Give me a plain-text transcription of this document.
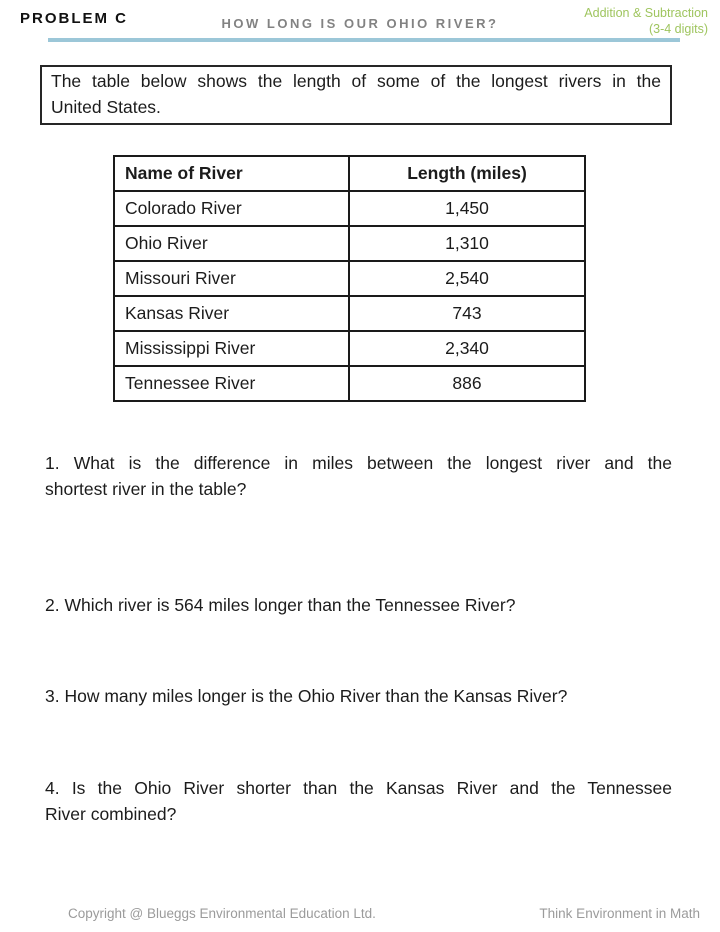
PROBLEM C	HOW LONG IS OUR OHIO RIVER?
Addition & Subtraction
(3-4 digits)
The table below shows the length of some of the longest rivers in the
United States.
Name of River	Length (miles)
Colorado River	1,450
Ohio River	1,310
Missouri River	2,540
Kansas River	743
Mississippi River	2,340
Tennessee River	886

1. What is the difference in miles between the longest river and the
shortest river in the table?

2. Which river is 564 miles longer than the Tennessee River?

3. How many miles longer is the Ohio River than the Kansas River?

4. Is the Ohio River shorter than the Kansas River and the Tennessee
River combined?

Copyright @ Blueggs Environmental Education Ltd.	Think Environment in Math
